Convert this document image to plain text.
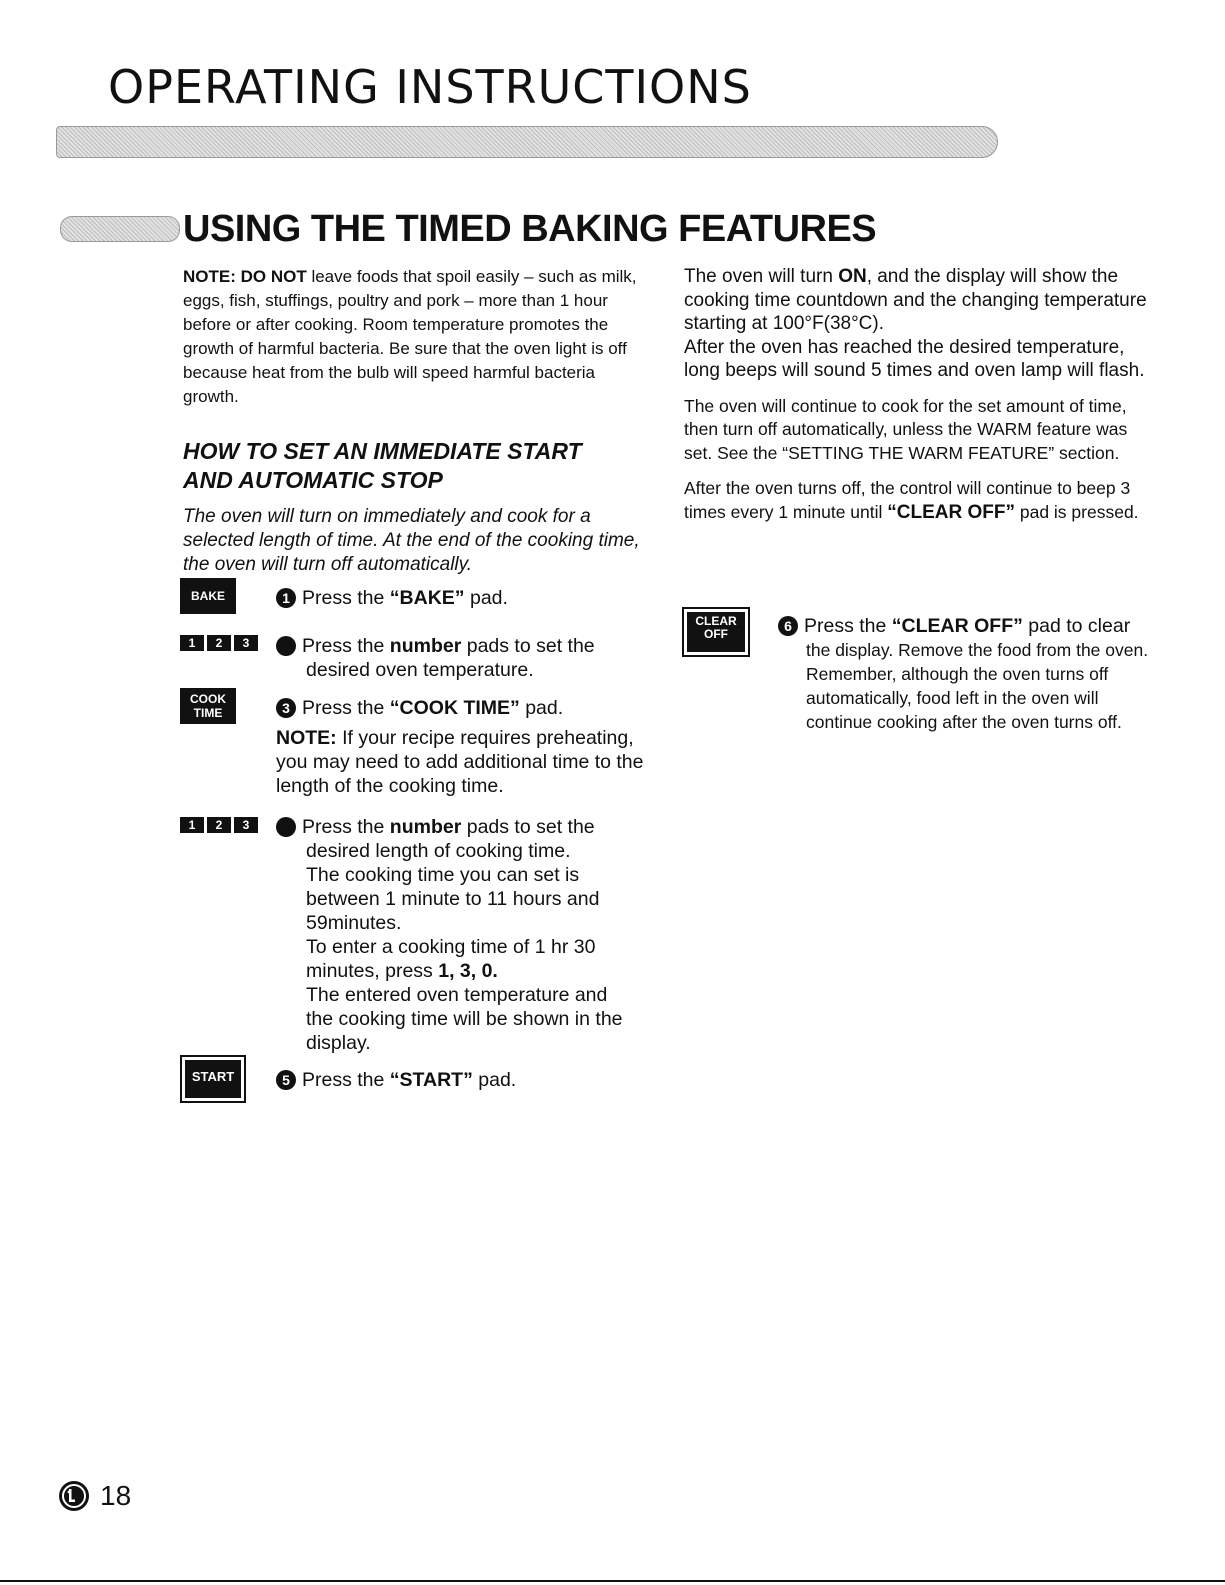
OPERATING INSTRUCTIONS
USING THE TIMED BAKING FEATURES

NOTE: DO NOT leave foods that spoil easily – such as milk, eggs, fish, stuffings, poultry and pork – more than 1 hour before or after cooking. Room temperature promotes the growth of harmful bacteria. Be sure that the oven light is off because heat from the bulb will speed harmful bacteria growth.

HOW TO SET AN IMMEDIATE START
AND AUTOMATIC STOP

The oven will turn on immediately and cook for a selected length of time. At the end of the cooking time, the oven will turn off automatically.

BAKE
1	2	3
COOK
TIME
1	2	3
START
CLEAR
OFF
1 Press the “BAKE” pad.
2 Press the number pads to set the desired oven temperature.
3 Press the “COOK TIME” pad.
NOTE: If your recipe requires preheating, you may need to add additional time to the length of the cooking time.
4 Press the number pads to set the desired length of cooking time.
The cooking time you can set is between 1 minute to 11 hours and 59minutes.
To enter a cooking time of 1 hr 30 minutes, press 1, 3, 0.
The entered oven temperature and the cooking time will be shown in the display.
5 Press the “START” pad.

The oven will turn ON, and the display will show the cooking time countdown and the changing temperature starting at 100°F(38°C).

After the oven has reached the desired temperature, long beeps will sound 5 times and oven lamp will flash.

The oven will continue to cook for the set amount of time, then turn off automatically, unless the WARM feature was set. See the “SETTING THE WARM FEATURE” section.

After the oven turns off, the control will continue to beep 3 times every 1 minute until “CLEAR OFF” pad is pressed.

6 Press the “CLEAR OFF” pad to clear
the display. Remove the food from the oven. Remember, although the oven turns off automatically, food left in the oven will continue cooking after the oven turns off.
18
